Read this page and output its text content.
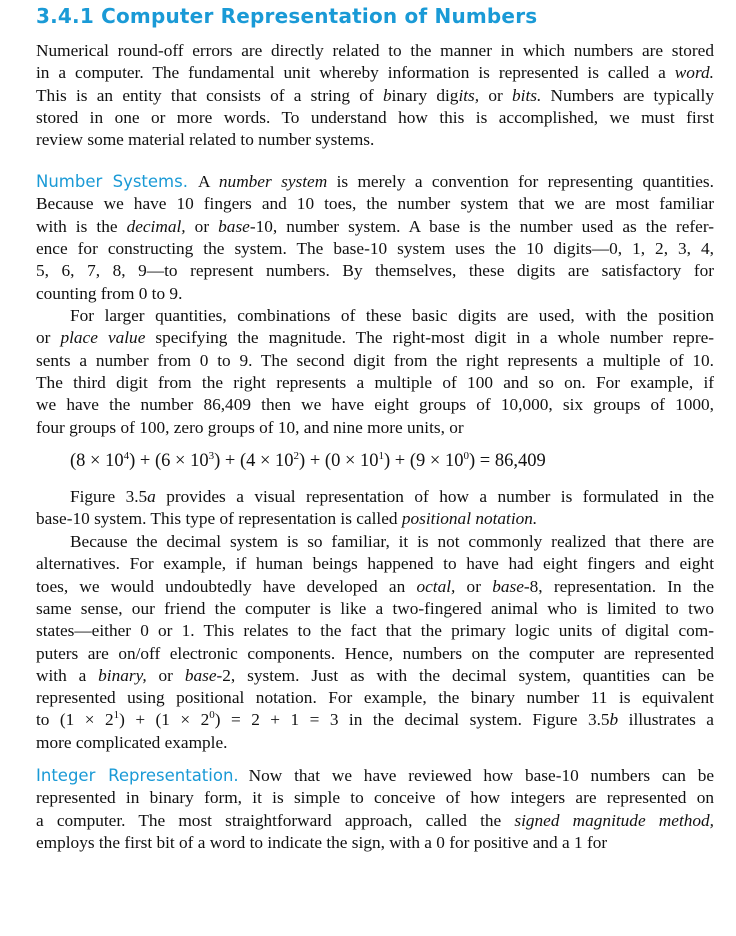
3.4.1 Computer Representation of Numbers
Numerical round-off errors are directly related to the manner in which numbers are stored
in a computer. The fundamental unit whereby information is represented is called a word.
This is an entity that consists of a string of binary digits, or bits. Numbers are typically
stored in one or more words. To understand how this is accomplished, we must first
review some material related to number systems.
Number Systems. A number system is merely a convention for representing quantities.
Because we have 10 fingers and 10 toes, the number system that we are most familiar
with is the decimal, or base-10, number system. A base is the number used as the refer-
ence for constructing the system. The base-10 system uses the 10 digits—0, 1, 2, 3, 4,
5, 6, 7, 8, 9—to represent numbers. By themselves, these digits are satisfactory for
counting from 0 to 9.
For larger quantities, combinations of these basic digits are used, with the position
or place value specifying the magnitude. The right-most digit in a whole number repre-
sents a number from 0 to 9. The second digit from the right represents a multiple of 10.
The third digit from the right represents a multiple of 100 and so on. For example, if
we have the number 86,409 then we have eight groups of 10,000, six groups of 1000,
four groups of 100, zero groups of 10, and nine more units, or
Figure 3.5a provides a visual representation of how a number is formulated in the
base-10 system. This type of representation is called positional notation.
Because the decimal system is so familiar, it is not commonly realized that there are
alternatives. For example, if human beings happened to have had eight fingers and eight
toes, we would undoubtedly have developed an octal, or base-8, representation. In the
same sense, our friend the computer is like a two-fingered animal who is limited to two
states—either 0 or 1. This relates to the fact that the primary logic units of digital com-
puters are on/off electronic components. Hence, numbers on the computer are represented
with a binary, or base-2, system. Just as with the decimal system, quantities can be
represented using positional notation. For example, the binary number 11 is equivalent
to $(1 \times 2^1) + (1 \times 2^0) = 2 + 1 = 3$ in the decimal system. Figure 3.5b illustrates a
more complicated example.
Integer Representation. Now that we have reviewed how base-10 numbers can be
represented in binary form, it is simple to conceive of how integers are represented on
a computer. The most straightforward approach, called the signed magnitude method,
employs the first bit of a word to indicate the sign, with a 0 for positive and a 1 for
$(8 \times 10^4) + (6 \times 10^3) + (4 \times 10^2) + (0 \times 10^1) + (9 \times 10^0) = 86,409$
